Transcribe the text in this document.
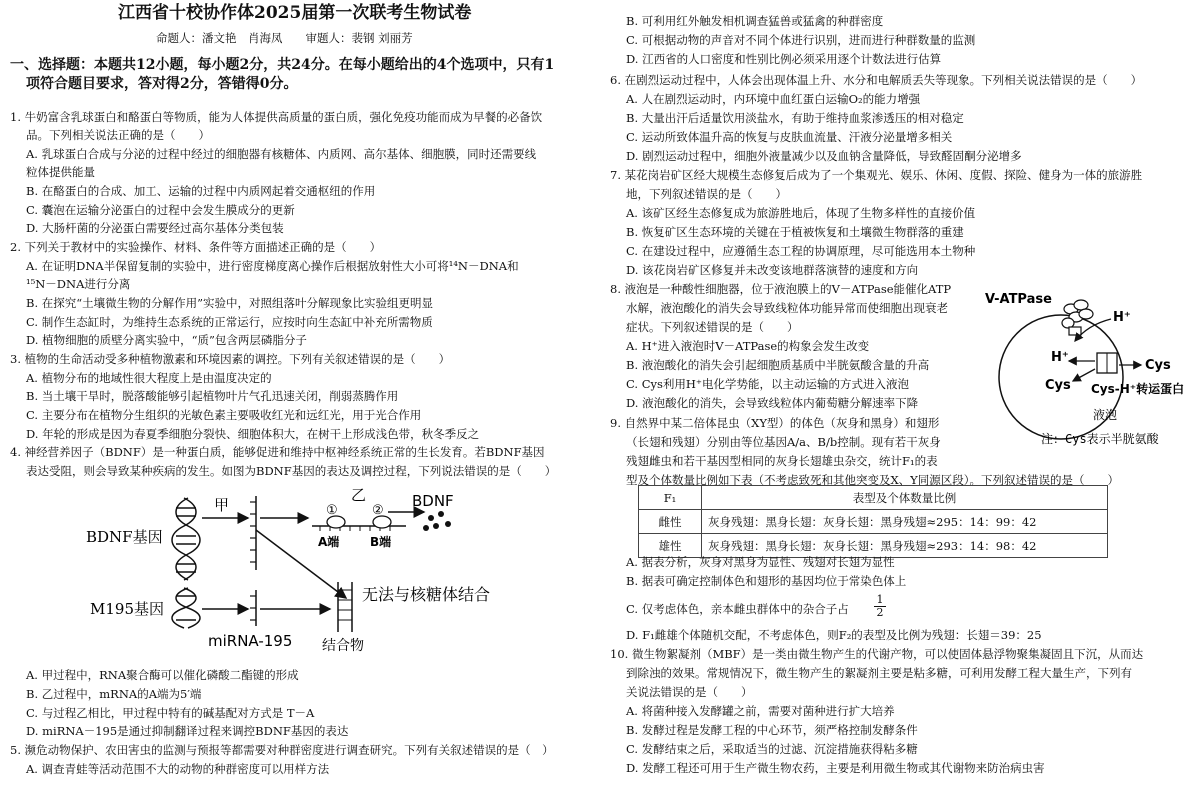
江西省十校协作体2025届第一次联考生物试卷
命题人：潘文艳　肖海凤　　审题人：裴钢 刘丽芳
一、选择题：本题共12小题，每小题2分，共24分。在每小题给出的4个选项中，只有1
项符合题目要求，答对得2分，答错得0分。
1. 牛奶富含乳球蛋白和酪蛋白等物质，能为人体提供高质量的蛋白质，强化免疫功能而成为早餐的必备饮
品。下列相关说法正确的是（　　）
A. 乳球蛋白合成与分泌的过程中经过的细胞器有核糖体、内质网、高尔基体、细胞膜，同时还需要线
粒体提供能量
B. 在酪蛋白的合成、加工、运输的过程中内质网起着交通枢纽的作用
C. 囊泡在运输分泌蛋白的过程中会发生膜成分的更新
D. 大肠杆菌的分泌蛋白需要经过高尔基体分类包装
2. 下列关于教材中的实验操作、材料、条件等方面描述正确的是（　　）
A. 在证明DNA半保留复制的实验中，进行密度梯度离心操作后根据放射性大小可将¹⁴N－DNA和
¹⁵N－DNA进行分离
B. 在探究“土壤微生物的分解作用”实验中，对照组落叶分解现象比实验组更明显
C. 制作生态缸时，为维持生态系统的正常运行，应按时向生态缸中补充所需物质
D. 植物细胞的质壁分离实验中，“质”包含两层磷脂分子
3. 植物的生命活动受多种植物激素和环境因素的调控。下列有关叙述错误的是（　　）
A. 植物分布的地域性很大程度上是由温度决定的
B. 当土壤干旱时，脱落酸能够引起植物叶片气孔迅速关闭，削弱蒸腾作用
C. 主要分布在植物分生组织的光敏色素主要吸收红光和远红光，用于光合作用
D. 年轮的形成是因为春夏季细胞分裂快、细胞体积大，在树干上形成浅色带，秋冬季反之
4. 神经营养因子（BDNF）是一种蛋白质，能够促进和维持中枢神经系统正常的生长发育。若BDNF基因
表达受阻，则会导致某种疾病的发生。如图为BDNF基因的表达及调控过程，下列说法错误的是（　　）
BDNF基因
甲	①	②
乙
A端	B端
BDNF
无法与核糖体结合
M195基因
miRNA-195 结合物
A. 甲过程中，RNA聚合酶可以催化磷酸二酯键的形成
B. 乙过程中，mRNA的A端为5′端
C. 与过程乙相比，甲过程中特有的碱基配对方式是 T－A
D. miRNA－195是通过抑制翻译过程来调控BDNF基因的表达
5. 濒危动物保护、农田害虫的监测与预报等都需要对种群密度进行调查研究。下列有关叙述错误的是（　）
A. 调查青蛙等活动范围不大的动物的种群密度可以用样方法
B. 可利用红外触发相机调查猛兽或猛禽的种群密度
C. 可根据动物的声音对不同个体进行识别，进而进行种群数量的监测
D. 江西省的人口密度和性别比例必须采用逐个计数法进行估算
6. 在剧烈运动过程中，人体会出现体温上升、水分和电解质丢失等现象。下列相关说法错误的是（　　）
A. 人在剧烈运动时，内环境中血红蛋白运输O₂的能力增强
B. 大量出汗后适量饮用淡盐水，有助于维持血浆渗透压的相对稳定
C. 运动所致体温升高的恢复与皮肤血流量、汗液分泌量增多相关
D. 剧烈运动过程中，细胞外液量减少以及血钠含量降低，导致醛固酮分泌增多
7. 某花岗岩矿区经大规模生态修复后成为了一个集观光、娱乐、休闲、度假、探险、健身为一体的旅游胜
地，下列叙述错误的是（　　）
A. 该矿区经生态修复成为旅游胜地后，体现了生物多样性的直接价值
B. 恢复矿区生态环境的关键在于植被恢复和土壤微生物群落的重建
C. 在建设过程中，应遵循生态工程的协调原理，尽可能选用本土物种
D. 该花岗岩矿区修复并未改变该地群落演替的速度和方向
8. 液泡是一种酸性细胞器，位于液泡膜上的V－ATPase能催化ATP
水解，液泡酸化的消失会导致线粒体功能异常而使细胞出现衰老
症状。下列叙述错误的是（　　）
A. H⁺进入液泡时V－ATPase的构象会发生改变
B. 液泡酸化的消失会引起细胞质基质中半胱氨酸含量的升高
C. Cys利用H⁺电化学势能，以主动运输的方式进入液泡
D. 液泡酸化的消失，会导致线粒体内葡萄糖分解速率下降
V-ATPase
H⁺
H⁺
Cys
Cys Cys-H⁺转运蛋白
液泡
注：Cys表示半胱氨酸
9. 自然界中某二倍体昆虫（XY型）的体色（灰身和黑身）和翅形
（长翅和残翅）分别由等位基因A/a、B/b控制。现有若干灰身
残翅雌虫和若干基因型相同的灰身长翅雄虫杂交，统计F₁的表
型及个体数量比例如下表（不考虑致死和其他突变及X、Y同源区段）。下列叙述错误的是（　　）
F₁	表型及个体数量比例
雌性	灰身残翅：黑身长翅：灰身长翅：黑身残翅≈295：14：99：42
雄性	灰身残翅：黑身长翅：灰身长翅：黑身残翅≈293：14：98：42
A. 据表分析，灰身对黑身为显性、残翅对长翅为显性
B. 据表可确定控制体色和翅形的基因均位于常染色体上
C. 仅考虑体色，亲本雌虫群体中的杂合子占 $\frac{1}{2}$
D. F₁雌雄个体随机交配，不考虑体色，则F₂的表型及比例为残翅：长翅＝39：25
10. 微生物絮凝剂（MBF）是一类由微生物产生的代谢产物，可以使固体悬浮物聚集凝固且下沉，从而达
到除浊的效果。常规情况下，微生物产生的絮凝剂主要是粘多糖，可利用发酵工程大量生产，下列有
关说法错误的是（　　）
A. 将菌种接入发酵罐之前，需要对菌种进行扩大培养
B. 发酵过程是发酵工程的中心环节，须严格控制发酵条件
C. 发酵结束之后，采取适当的过滤、沉淀措施获得粘多糖
D. 发酵工程还可用于生产微生物农药，主要是利用微生物或其代谢物来防治病虫害
